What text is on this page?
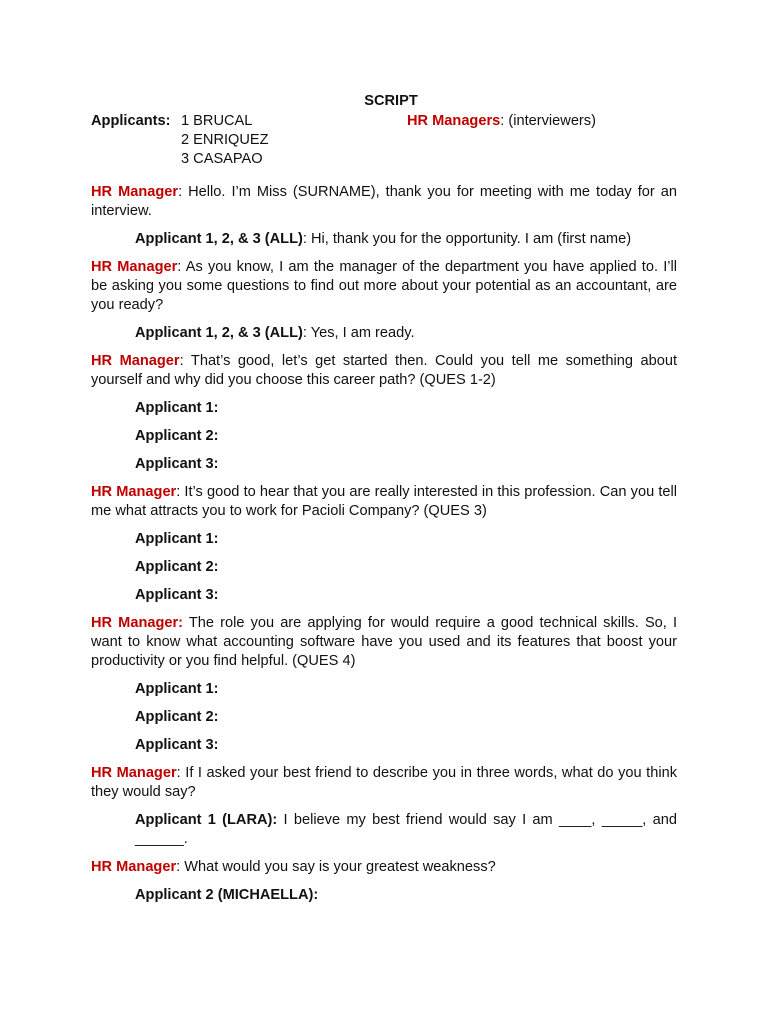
SCRIPT
Applicants: 1 BRUCAL
2 ENRIQUEZ
3 CASAPAO
HR Managers: (interviewers)
HR Manager: Hello. I’m Miss (SURNAME), thank you for meeting with me today for an interview.
Applicant 1, 2, & 3 (ALL): Hi, thank you for the opportunity. I am (first name)
HR Manager: As you know, I am the manager of the department you have applied to. I’ll be asking you some questions to find out more about your potential as an accountant, are you ready?
Applicant 1, 2, & 3 (ALL): Yes, I am ready.
HR Manager: That’s good, let’s get started then. Could you tell me something about yourself and why did you choose this career path? (QUES 1-2)
Applicant 1:
Applicant 2:
Applicant 3:
HR Manager: It’s good to hear that you are really interested in this profession. Can you tell me what attracts you to work for Pacioli Company? (QUES 3)
Applicant 1:
Applicant 2:
Applicant 3:
HR Manager: The role you are applying for would require a good technical skills. So, I want to know what accounting software have you used and its features that boost your productivity or you find helpful. (QUES 4)
Applicant 1:
Applicant 2:
Applicant 3:
HR Manager: If I asked your best friend to describe you in three words, what do you think they would say?
Applicant 1 (LARA): I believe my best friend would say I am ____, _____, and ______.
HR Manager: What would you say is your greatest weakness?
Applicant 2 (MICHAELLA):
